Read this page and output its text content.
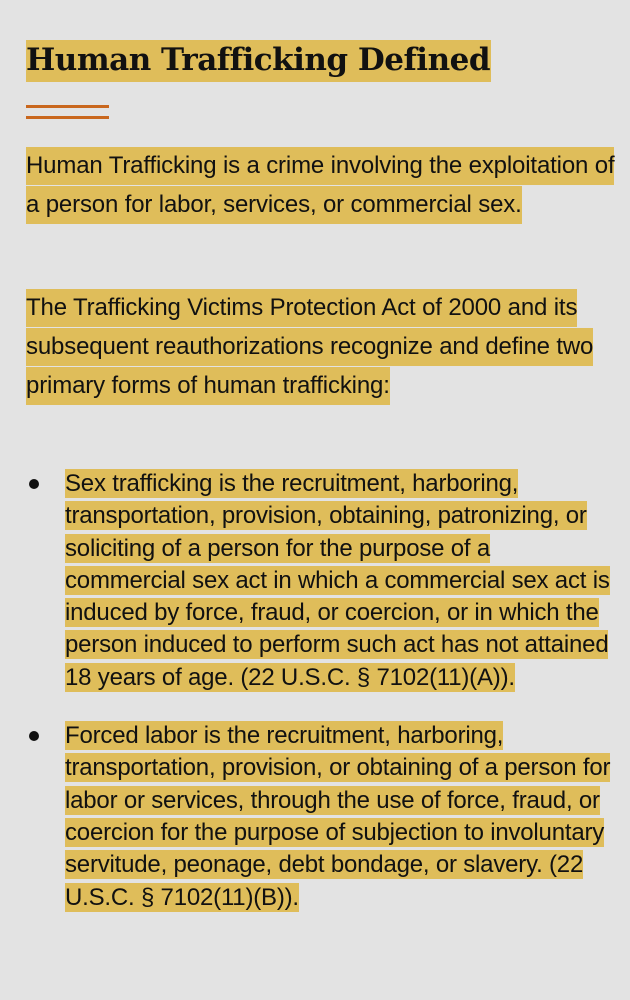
Human Trafficking Defined

Human Trafficking is a crime involving the exploitation of a person for labor, services, or commercial sex.

The Trafficking Victims Protection Act of 2000 and its subsequent reauthorizations recognize and define two primary forms of human trafficking:

Sex trafficking is the recruitment, harboring, transportation, provision, obtaining, patronizing, or soliciting of a person for the purpose of a commercial sex act in which a commercial sex act is induced by force, fraud, or coercion, or in which the person induced to perform such act has not attained 18 years of age. (22 U.S.C. § 7102(11)(A)).
Forced labor is the recruitment, harboring, transportation, provision, or obtaining of a person for labor or services, through the use of force, fraud, or coercion for the purpose of subjection to involuntary servitude, peonage, debt bondage, or slavery. (22 U.S.C. § 7102(11)(B)).
